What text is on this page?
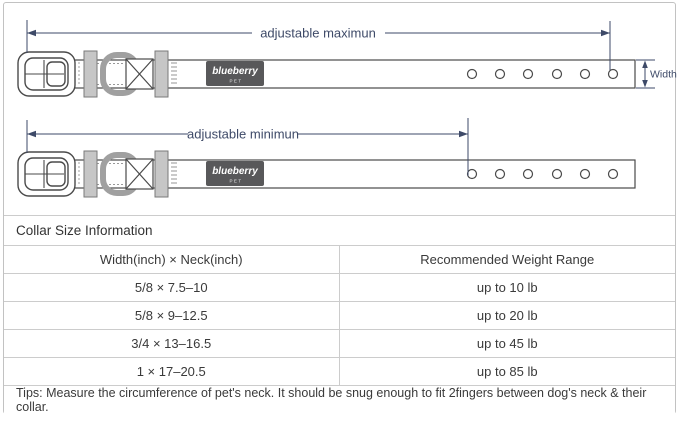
adjustable maximun
adjustable minimun
Width
Collar Size Information
Width(inch) × Neck(inch)	Recommended Weight Range
5/8 × 7.5–10	up to 10 lb
5/8 × 9–12.5	up to 20 lb
3/4 × 13–16.5	up to 45 lb
1 × 17–20.5	up to 85 lb
Tips: Measure the circumference of pet's neck. It should be snug enough to fit 2fingers between dog's neck & their collar.
